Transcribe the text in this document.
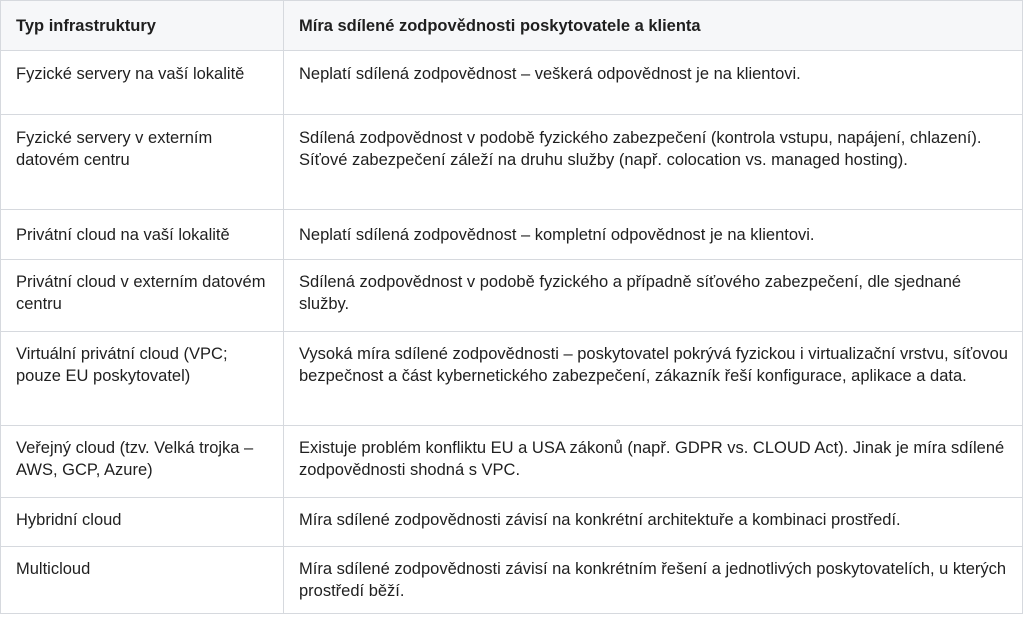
Typ infrastruktury	Míra sdílené zodpovědnosti poskytovatele a klienta
Fyzické servery na vaší lokalitě	Neplatí sdílená zodpovědnost – veškerá odpovědnost je na klientovi.
Fyzické servery v externím datovém centru	Sdílená zodpovědnost v podobě fyzického zabezpečení (kontrola vstupu, napájení, chlazení). Síťové zabezpečení záleží na druhu služby (např. colocation vs. managed hosting).
Privátní cloud na vaší lokalitě	Neplatí sdílená zodpovědnost – kompletní odpovědnost je na klientovi.
Privátní cloud v externím datovém centru	Sdílená zodpovědnost v podobě fyzického a případně síťového zabezpečení, dle sjednané služby.
Virtuální privátní cloud (VPC; pouze EU poskytovatel)	Vysoká míra sdílené zodpovědnosti – poskytovatel pokrývá fyzickou i virtualizační vrstvu, síťovou bezpečnost a část kybernetického zabezpečení, zákazník řeší konfigurace, aplikace a data.
Veřejný cloud (tzv. Velká trojka – AWS, GCP, Azure)	Existuje problém konfliktu EU a USA zákonů (např. GDPR vs. CLOUD Act). Jinak je míra sdílené zodpovědnosti shodná s VPC.
Hybridní cloud	Míra sdílené zodpovědnosti závisí na konkrétní architektuře a kombinaci prostředí.
Multicloud	Míra sdílené zodpovědnosti závisí na konkrétním řešení a jednotlivých poskytovatelích, u kterých prostředí běží.
